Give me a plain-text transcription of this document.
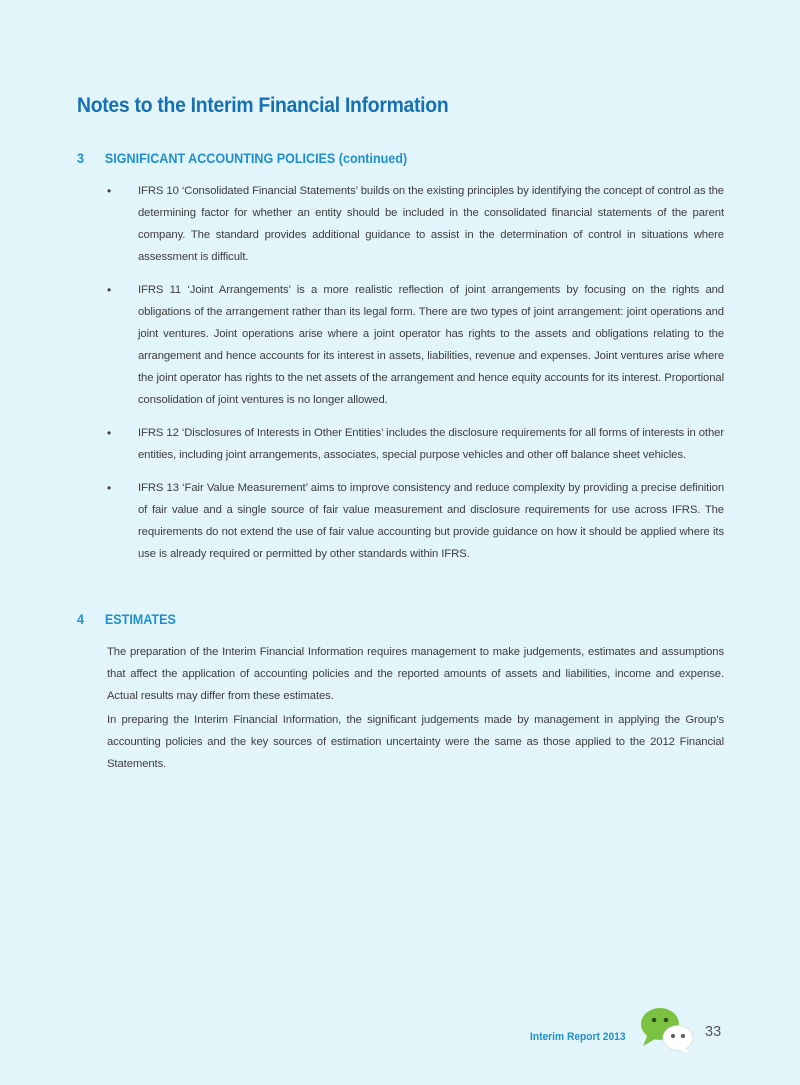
Notes to the Interim Financial Information
3 SIGNIFICANT ACCOUNTING POLICIES (continued)
• IFRS 10 ‘Consolidated Financial Statements’ builds on the existing principles by identifying the concept of control as the determining factor for whether an entity should be included in the consolidated financial statements of the parent company. The standard provides additional guidance to assist in the determination of control in situations where assessment is difficult.

• IFRS 11 ‘Joint Arrangements’ is a more realistic reflection of joint arrangements by focusing on the rights and obligations of the arrangement rather than its legal form. There are two types of joint arrangement: joint operations and joint ventures. Joint operations arise where a joint operator has rights to the assets and obligations relating to the arrangement and hence accounts for its interest in assets, liabilities, revenue and expenses. Joint ventures arise where the joint operator has rights to the net assets of the arrangement and hence equity accounts for its interest. Proportional consolidation of joint ventures is no longer allowed.

• IFRS 12 ‘Disclosures of Interests in Other Entities’ includes the disclosure requirements for all forms of interests in other entities, including joint arrangements, associates, special purpose vehicles and other off balance sheet vehicles.

• IFRS 13 ‘Fair Value Measurement’ aims to improve consistency and reduce complexity by providing a precise definition of fair value and a single source of fair value measurement and disclosure requirements for use across IFRS. The requirements do not extend the use of fair value accounting but provide guidance on how it should be applied where its use is already required or permitted by other standards within IFRS.

4 ESTIMATES

The preparation of the Interim Financial Information requires management to make judgements, estimates and assumptions that affect the application of accounting policies and the reported amounts of assets and liabilities, income and expense. Actual results may differ from these estimates.

In preparing the Interim Financial Information, the significant judgements made by management in applying the Group’s accounting policies and the key sources of estimation uncertainty were the same as those applied to the 2012 Financial Statements.

Interim Report 2013	33
